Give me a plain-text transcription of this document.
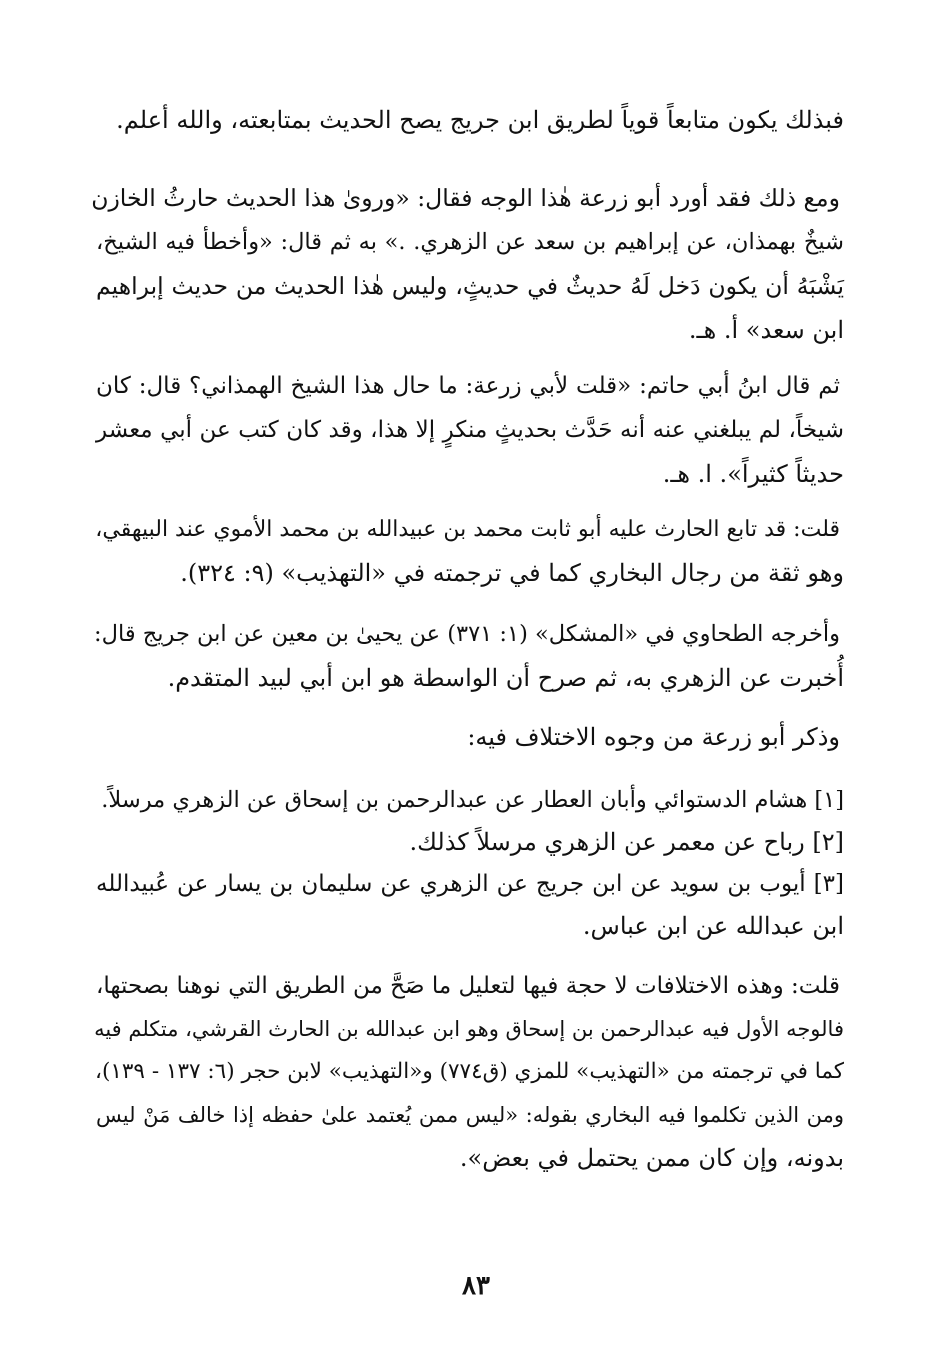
فبذلك يكون متابعاً قوياً لطريق ابن جريج يصح الحديث بمتابعته، والله أعلم.
ومع ذلك فقد أورد أبو زرعة هٰذا الوجه فقال: «وروىٰ هذا الحديث حارثُ الخازن
شيخٌ بهمذان، عن إبراهيم بن سعد عن الزهري. .» به ثم قال: «وأخطأ فيه الشيخ،
يَشْبَهُ أن يكون دَخل لَهُ حديثٌ في حديثٍ، وليس هٰذا الحديث من حديث إبراهيم
ابن سعد» أ. هـ.
ثم قال ابنُ أبي حاتم: «قلت لأبي زرعة: ما حال هذا الشيخ الهمذاني؟ قال: كان
شيخاً، لم يبلغني عنه أنه حَدَّث بحديثٍ منكرٍ إلا هذا، وقد كان كتب عن أبي معشر
حديثاً كثيراً». ا. هـ.
قلت: قد تابع الحارث عليه أبو ثابت محمد بن عبيدالله بن محمد الأموي عند البيهقي،
وهو ثقة من رجال البخاري كما في ترجمته في «التهذيب» (٩: ٣٢٤).
وأخرجه الطحاوي في «المشكل» (١: ٣٧١) عن يحيىٰ بن معين عن ابن جريج قال:
أُخبرت عن الزهري به، ثم صرح أن الواسطة هو ابن أبي لبيد المتقدم.
وذكر أبو زرعة من وجوه الاختلاف فيه:
[١] هشام الدستوائي وأبان العطار عن عبدالرحمن بن إسحاق عن الزهري مرسلاً.
[٢] رباح عن معمر عن الزهري مرسلاً كذلك.
[٣] أيوب بن سويد عن ابن جريج عن الزهري عن سليمان بن يسار عن عُبيدالله
ابن عبدالله عن ابن عباس.
قلت: وهذه الاختلافات لا حجة فيها لتعليل ما صَحَّ من الطريق التي نوهنا بصحتها،
فالوجه الأول فيه عبدالرحمن بن إسحاق وهو ابن عبدالله بن الحارث القرشي، متكلم فيه
كما في ترجمته من «التهذيب» للمزي (ق٧٧٤) و«التهذيب» لابن حجر (٦: ١٣٧ - ١٣٩)،
ومن الذين تكلموا فيه البخاري بقوله: «ليس ممن يُعتمد علىٰ حفظه إذا خالف مَنْ ليس
بدونه، وإن كان ممن يحتمل في بعض».
٨٣
